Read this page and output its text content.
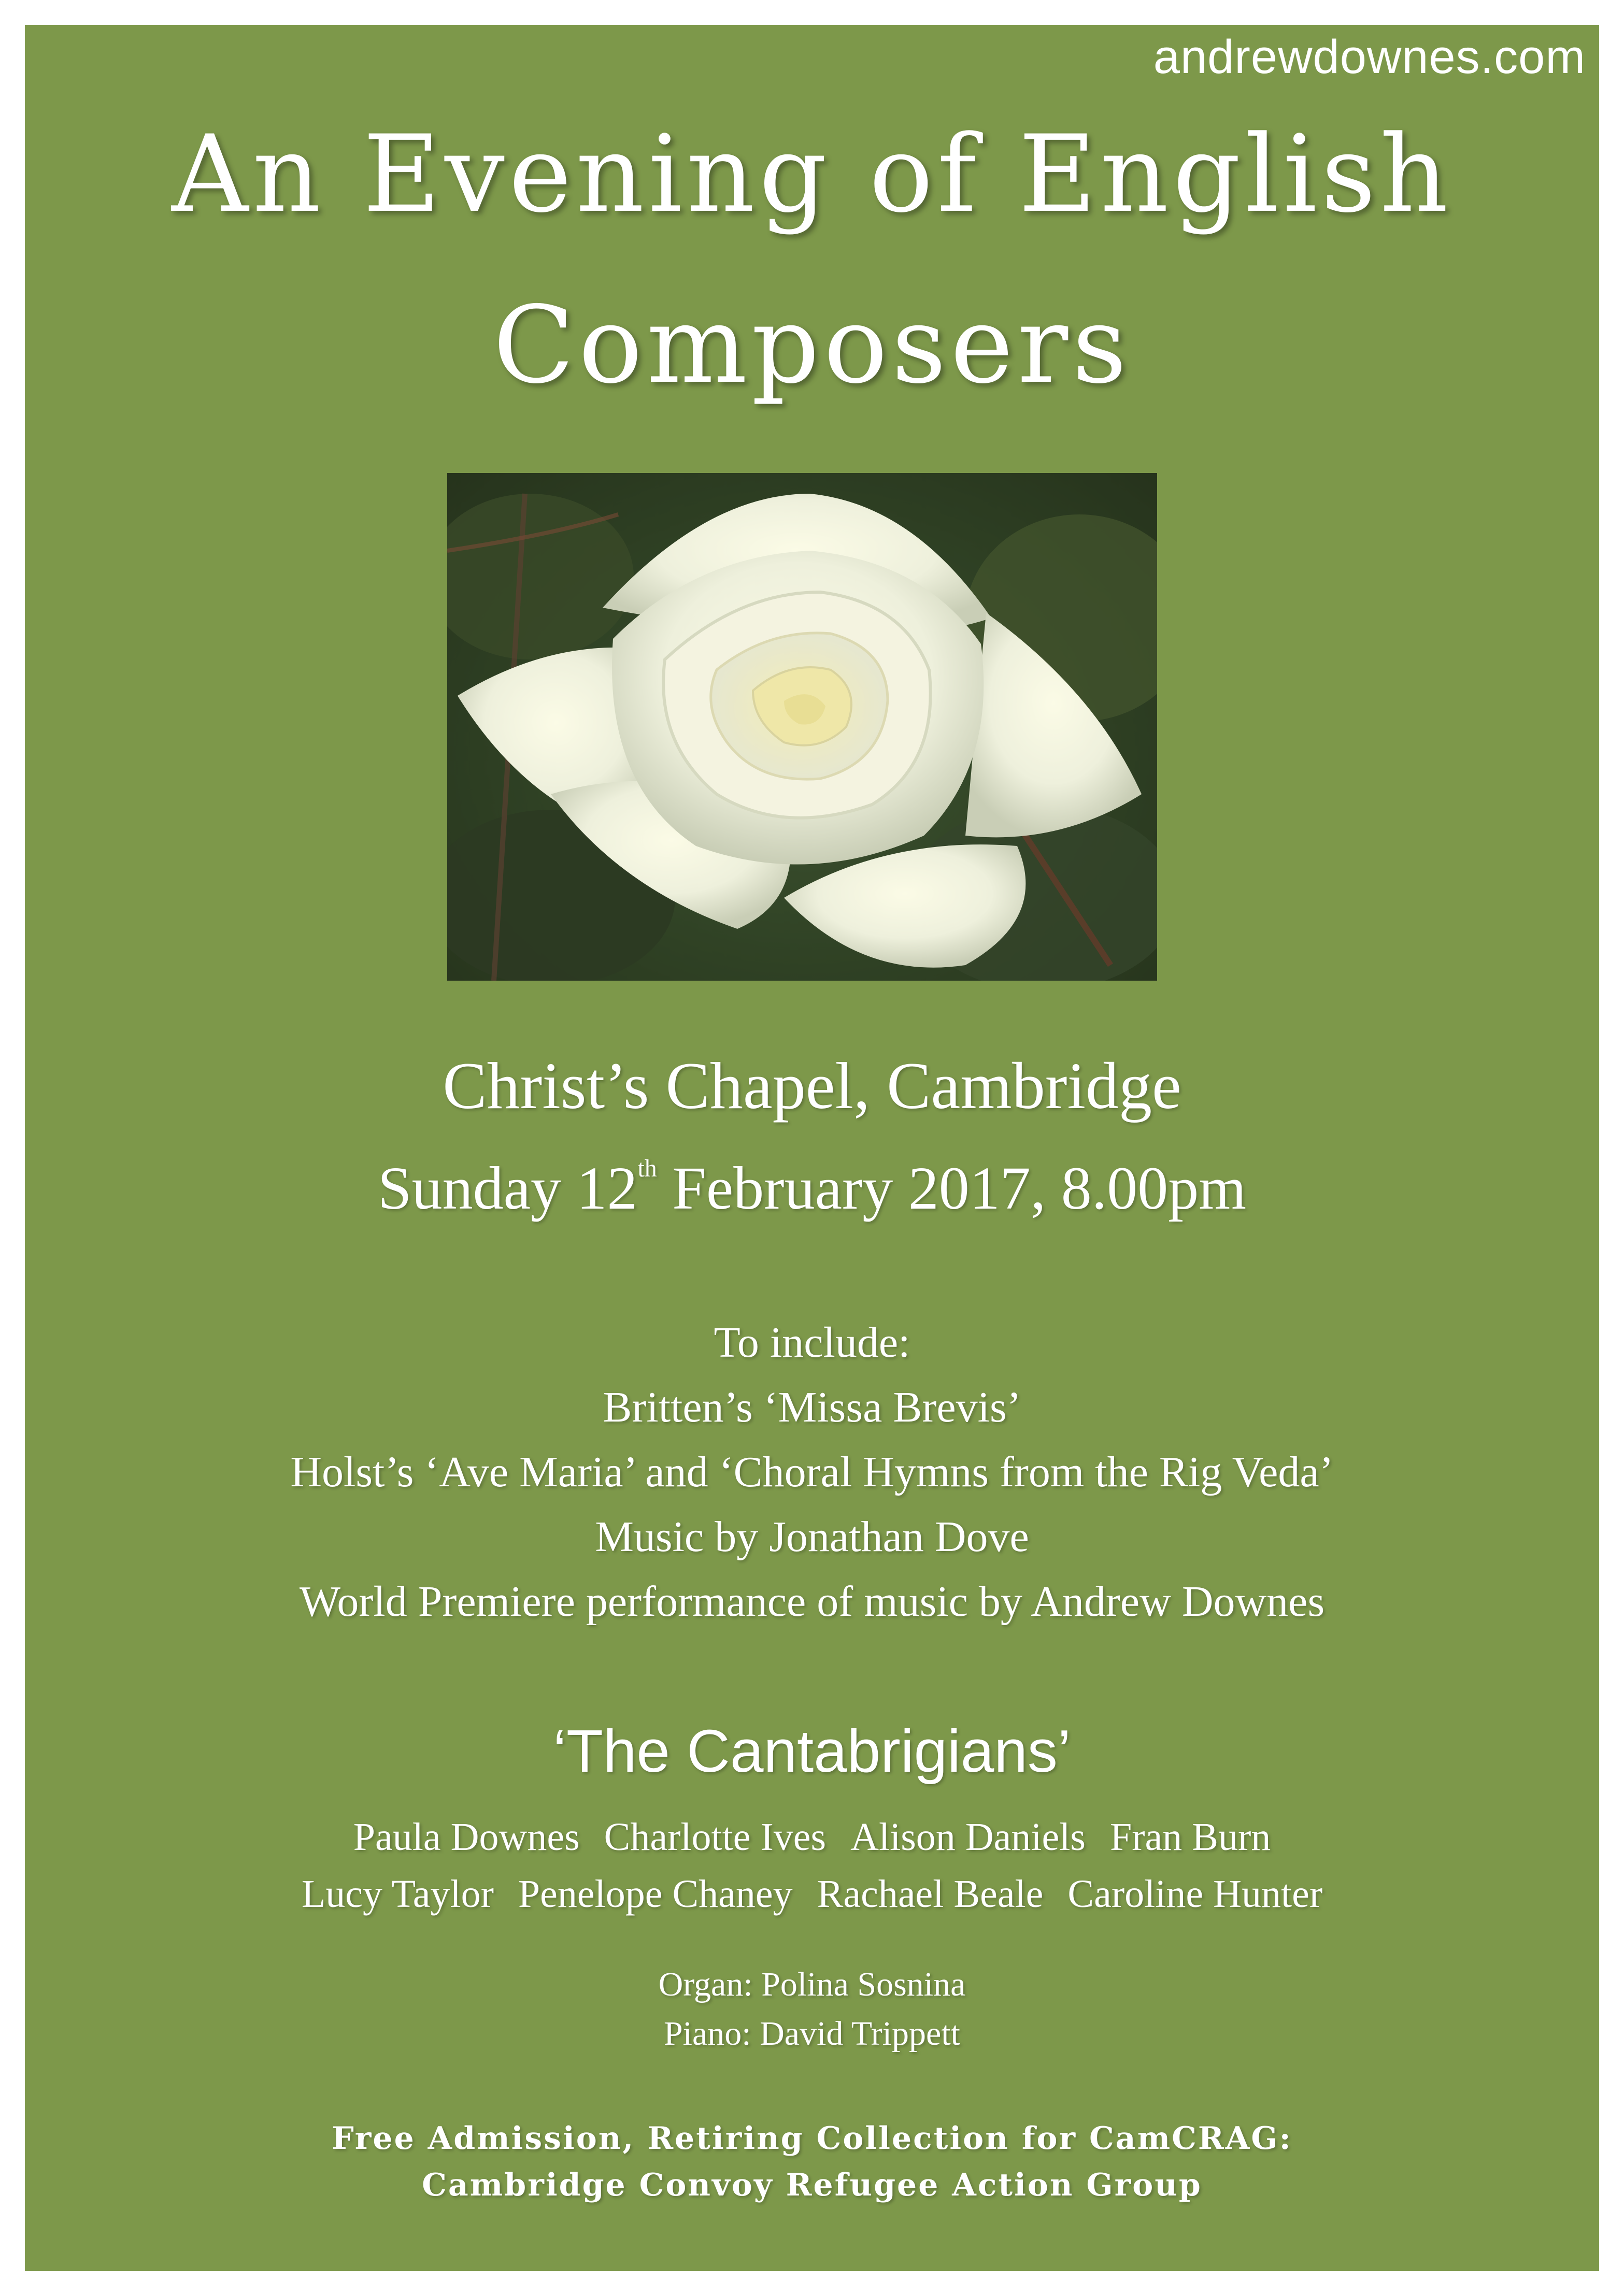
andrewdownes.com
An Evening of English
Composers
Christ’s Chapel, Cambridge
Sunday 12th February 2017, 8.00pm
To include:
Britten’s ‘Missa Brevis’
Holst’s ‘Ave Maria’ and ‘Choral Hymns from the Rig Veda’
Music by Jonathan Dove
World Premiere performance of music by Andrew Downes
‘The Cantabrigians’
Paula Downes Charlotte Ives Alison Daniels Fran Burn
Lucy Taylor Penelope Chaney Rachael Beale Caroline Hunter
Organ: Polina Sosnina
Piano: David Trippett
Free Admission, Retiring Collection for CamCRAG:
Cambridge Convoy Refugee Action Group
